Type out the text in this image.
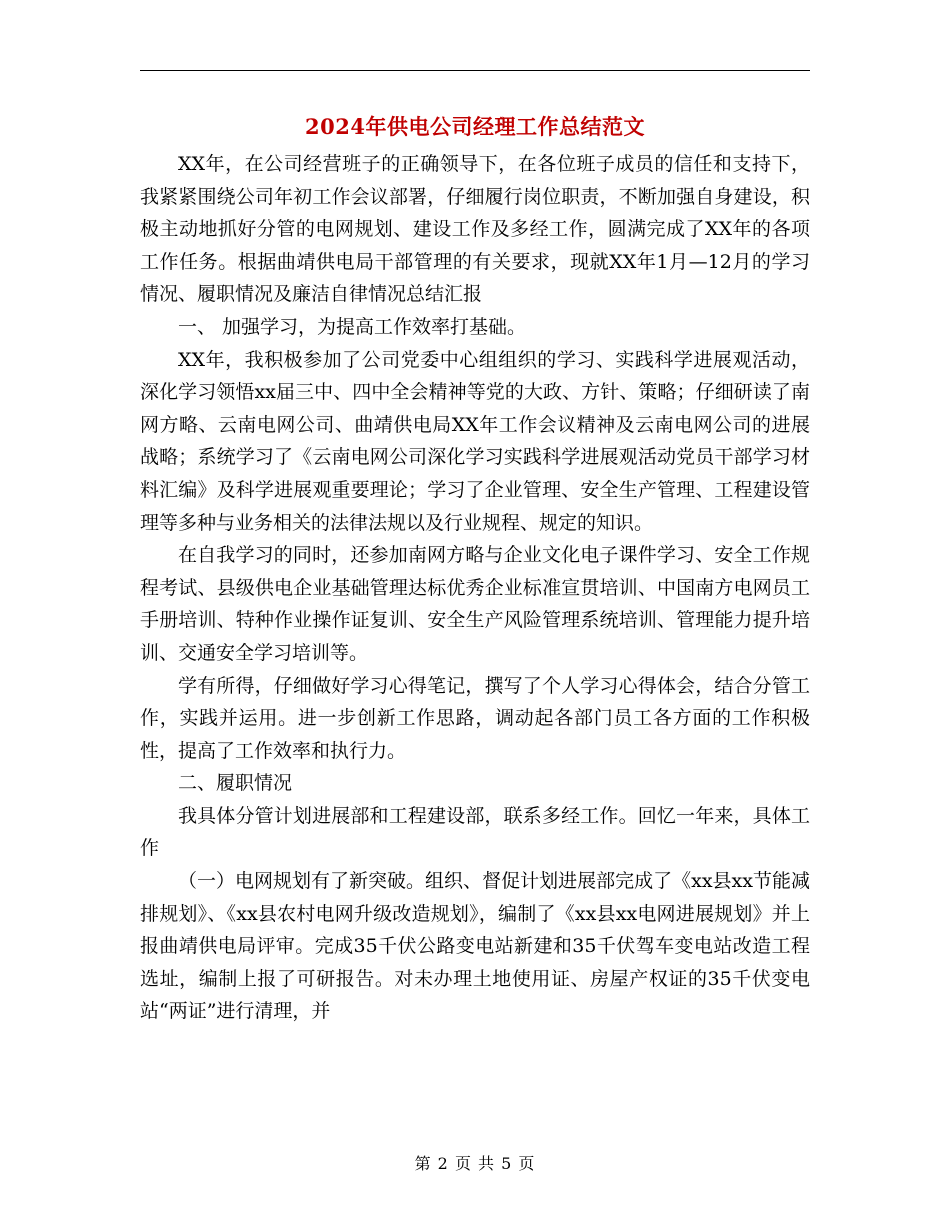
2024年供电公司经理工作总结范文

XX年，在公司经营班子的正确领导下，在各位班子成员的信任和支持下，我紧紧围绕公司年初工作会议部署，仔细履行岗位职责，不断加强自身建设，积极主动地抓好分管的电网规划、建设工作及多经工作，圆满完成了XX年的各项工作任务。根据曲靖供电局干部管理的有关要求，现就XX年1月—12月的学习情况、履职情况及廉洁自律情况总结汇报

一、 加强学习，为提高工作效率打基础。

XX年，我积极参加了公司党委中心组组织的学习、实践科学进展观活动，深化学习领悟xx届三中、四中全会精神等党的大政、方针、策略；仔细研读了南网方略、云南电网公司、曲靖供电局XX年工作会议精神及云南电网公司的进展战略；系统学习了《云南电网公司深化学习实践科学进展观活动党员干部学习材料汇编》及科学进展观重要理论；学习了企业管理、安全生产管理、工程建设管理等多种与业务相关的法律法规以及行业规程、规定的知识。

在自我学习的同时，还参加南网方略与企业文化电子课件学习、安全工作规程考试、县级供电企业基础管理达标优秀企业标准宣贯培训、中国南方电网员工手册培训、特种作业操作证复训、安全生产风险管理系统培训、管理能力提升培训、交通安全学习培训等。

学有所得，仔细做好学习心得笔记，撰写了个人学习心得体会，结合分管工作，实践并运用。进一步创新工作思路，调动起各部门员工各方面的工作积极性，提高了工作效率和执行力。

二、履职情况

我具体分管计划进展部和工程建设部，联系多经工作。回忆一年来，具体工作

（一）电网规划有了新突破。组织、督促计划进展部完成了《xx县xx节能减排规划》、《xx县农村电网升级改造规划》，编制了《xx县xx电网进展规划》并上报曲靖供电局评审。完成35千伏公路变电站新建和35千伏驾车变电站改造工程选址，编制上报了可研报告。对未办理土地使用证、房屋产权证的35千伏变电站“两证”进行清理，并

第 2 页 共 5 页
